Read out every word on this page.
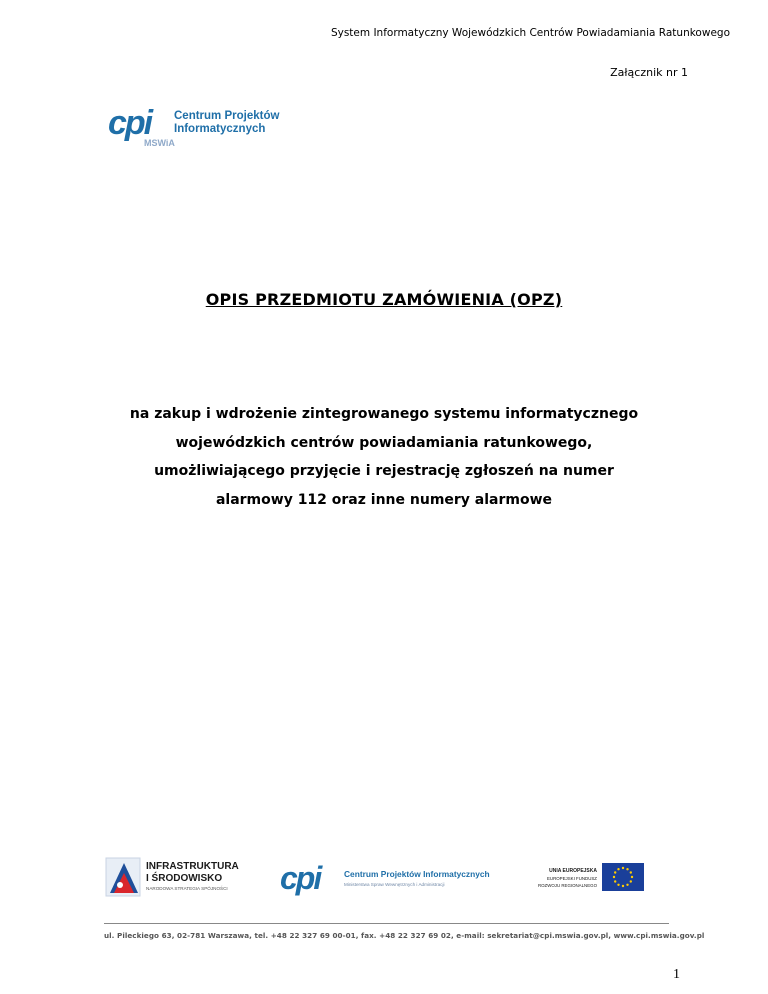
System Informatyczny Wojewódzkich Centrów Powiadamiania Ratunkowego
Załącznik nr 1
cpi	Centrum Projektów
Informatycznych
MSWiA
OPIS PRZEDMIOTU ZAMÓWIENIA (OPZ)
na zakup i wdrożenie zintegrowanego systemu informatycznego
wojewódzkich centrów powiadamiania ratunkowego,
umożliwiającego przyjęcie i rejestrację zgłoszeń na numer
alarmowy 112 oraz inne numery alarmowe
INFRASTRUKTURA
I ŚRODOWISKO
NARODOWA STRATEGIA SPÓJNOŚCI cpi	Centrum Projektów Informatycznych
Ministerstwa Spraw Wewnętrznych i Administracji
UNIA EUROPEJSKA
EUROPEJSKI FUNDUSZ
ROZWOJU REGIONALNEGO
ul. Pileckiego 63, 02-781 Warszawa, tel. +48 22 327 69 00-01, fax. +48 22 327 69 02, e-mail: sekretariat@cpi.mswia.gov.pl, www.cpi.mswia.gov.pl
1
